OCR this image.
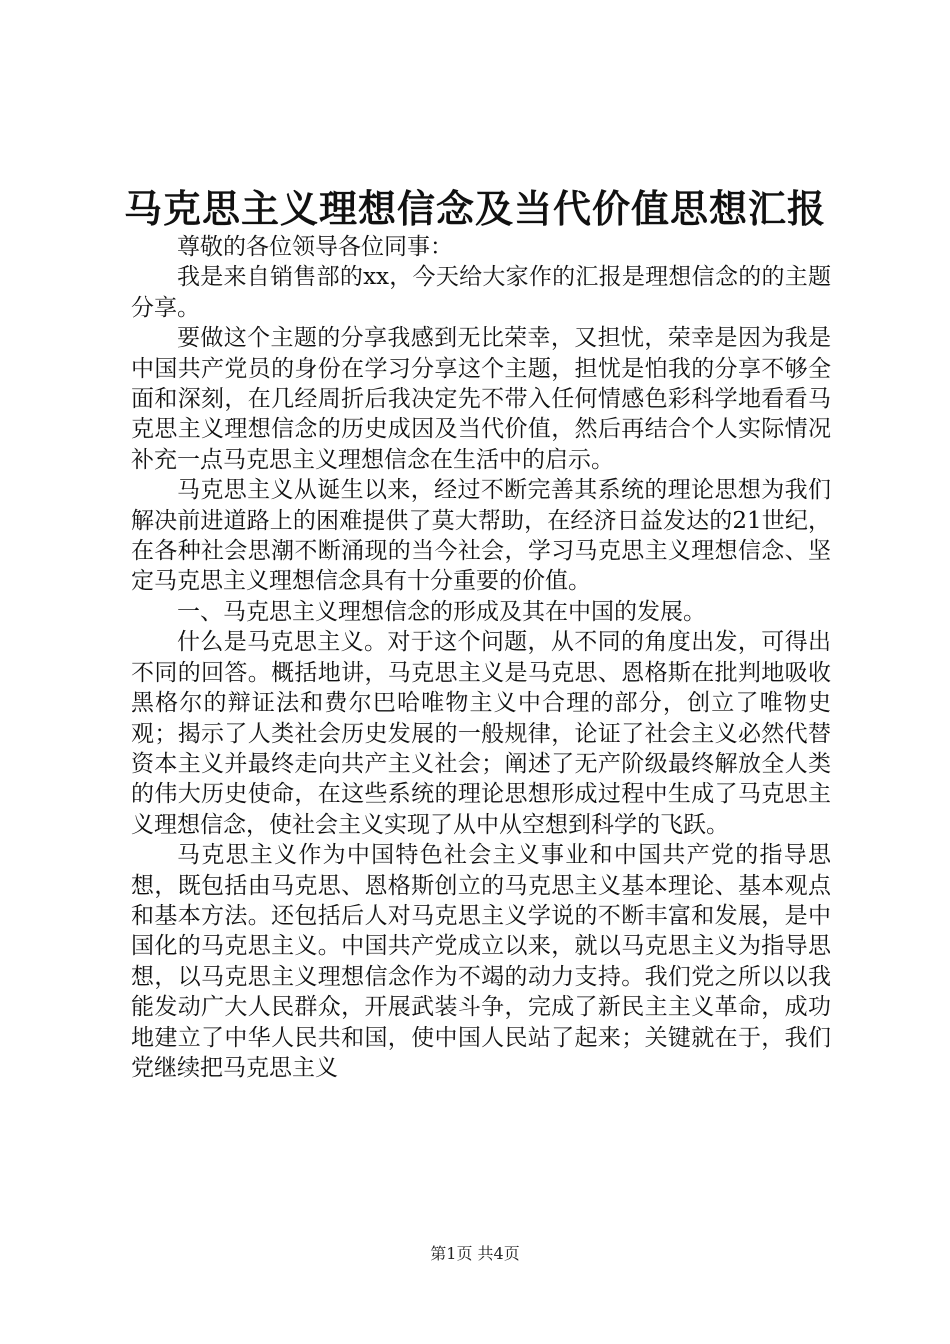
马克思主义理想信念及当代价值思想汇报

尊敬的各位领导各位同事：

我是来自销售部的xx，今天给大家作的汇报是理想信念的的主题分享。

要做这个主题的分享我感到无比荣幸，又担忧，荣幸是因为我是中国共产党员的身份在学习分享这个主题，担忧是怕我的分享不够全面和深刻，在几经周折后我决定先不带入任何情感色彩科学地看看马克思主义理想信念的历史成因及当代价值，然后再结合个人实际情况补充一点马克思主义理想信念在生活中的启示。

马克思主义从诞生以来，经过不断完善其系统的理论思想为我们解决前进道路上的困难提供了莫大帮助，在经济日益发达的21世纪，在各种社会思潮不断涌现的当今社会，学习马克思主义理想信念、坚定马克思主义理想信念具有十分重要的价值。

一、马克思主义理想信念的形成及其在中国的发展。

什么是马克思主义。对于这个问题，从不同的角度出发，可得出不同的回答。概括地讲，马克思主义是马克思、恩格斯在批判地吸收黑格尔的辩证法和费尔巴哈唯物主义中合理的部分，创立了唯物史观；揭示了人类社会历史发展的一般规律，论证了社会主义必然代替资本主义并最终走向共产主义社会；阐述了无产阶级最终解放全人类的伟大历史使命，在这些系统的理论思想形成过程中生成了马克思主义理想信念，使社会主义实现了从中从空想到科学的飞跃。

马克思主义作为中国特色社会主义事业和中国共产党的指导思想，既包括由马克思、恩格斯创立的马克思主义基本理论、基本观点和基本方法。还包括后人对马克思主义学说的不断丰富和发展，是中国化的马克思主义。中国共产党成立以来，就以马克思主义为指导思想，以马克思主义理想信念作为不竭的动力支持。我们党之所以以我能发动广大人民群众，开展武装斗争，完成了新民主主义革命，成功地建立了中华人民共和国，使中国人民站了起来；关键就在于，我们党继续把马克思主义

第1页 共4页
